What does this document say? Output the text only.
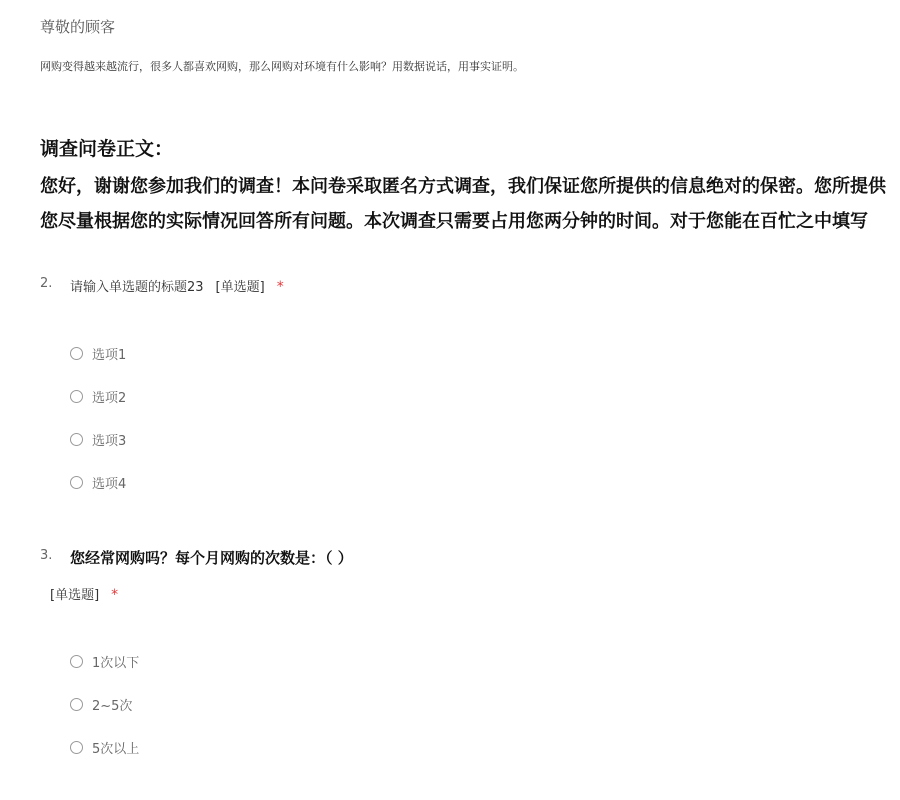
尊敬的顾客
网购变得越来越流行，很多人都喜欢网购，那么网购对环境有什么影响？用数据说话，用事实证明。
调查问卷正文：
您好，谢谢您参加我们的调查！本问卷采取匿名方式调查，我们保证您所提供的信息绝对的保密。您所提供
您尽量根据您的实际情况回答所有问题。本次调查只需要占用您两分钟的时间。对于您能在百忙之中填写
2. 请输入单选题的标题23 [单选题] *
选项1
选项2
选项3
选项4
3. 您经常网购吗？每个月网购的次数是：（ ）
[单选题] *
1次以下
2~5次
5次以上
